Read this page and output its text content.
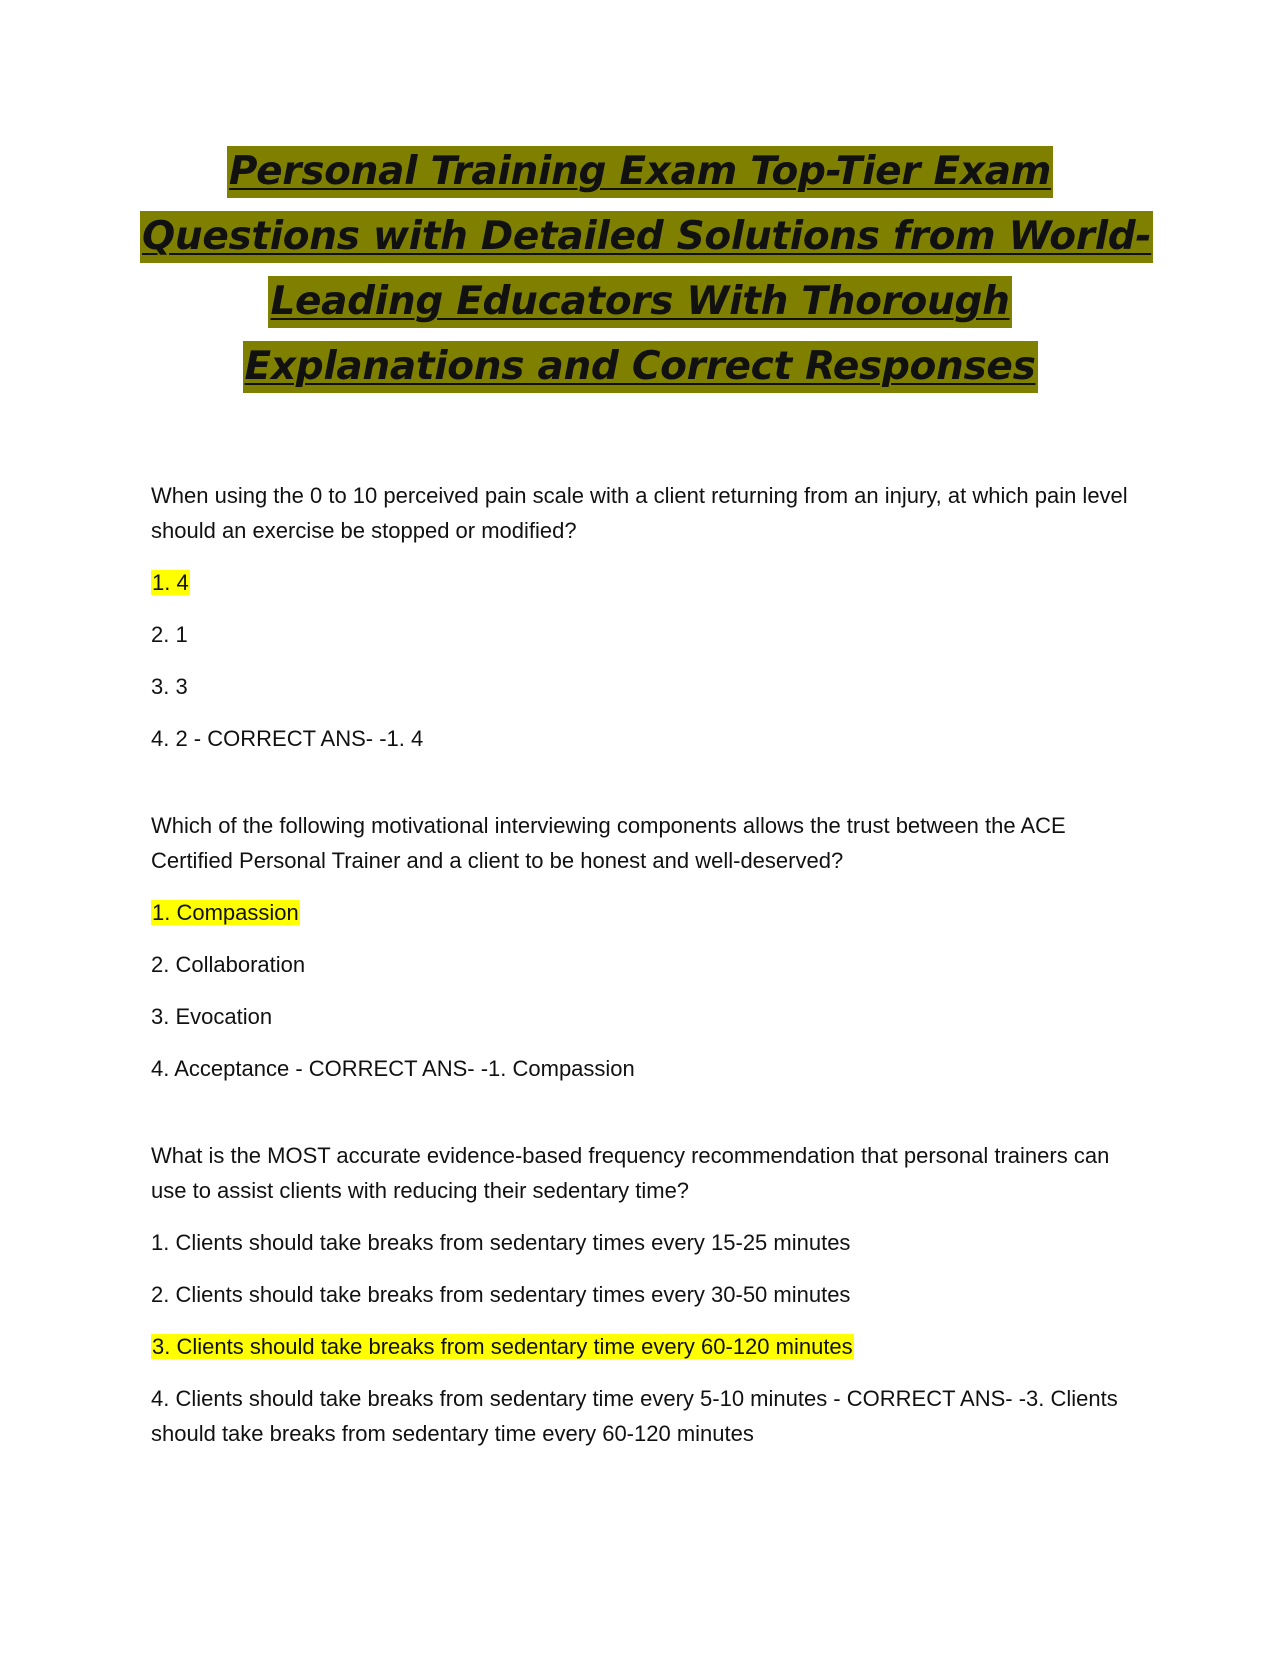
Personal Training Exam Top-Tier Exam
Questions with Detailed Solutions from World-
Leading Educators With Thorough
Explanations and Correct Responses

When using the 0 to 10 perceived pain scale with a client returning from an injury, at which pain level should an exercise be stopped or modified?

1. 4

2. 1

3. 3

4. 2 - CORRECT ANS- -1. 4

Which of the following motivational interviewing components allows the trust between the ACE Certified Personal Trainer and a client to be honest and well-deserved?

1. Compassion

2. Collaboration

3. Evocation

4. Acceptance - CORRECT ANS- -1. Compassion

What is the MOST accurate evidence-based frequency recommendation that personal trainers can use to assist clients with reducing their sedentary time?

1. Clients should take breaks from sedentary times every 15-25 minutes

2. Clients should take breaks from sedentary times every 30-50 minutes

3. Clients should take breaks from sedentary time every 60-120 minutes

4. Clients should take breaks from sedentary time every 5-10 minutes - CORRECT ANS- -3. Clients should take breaks from sedentary time every 60-120 minutes
